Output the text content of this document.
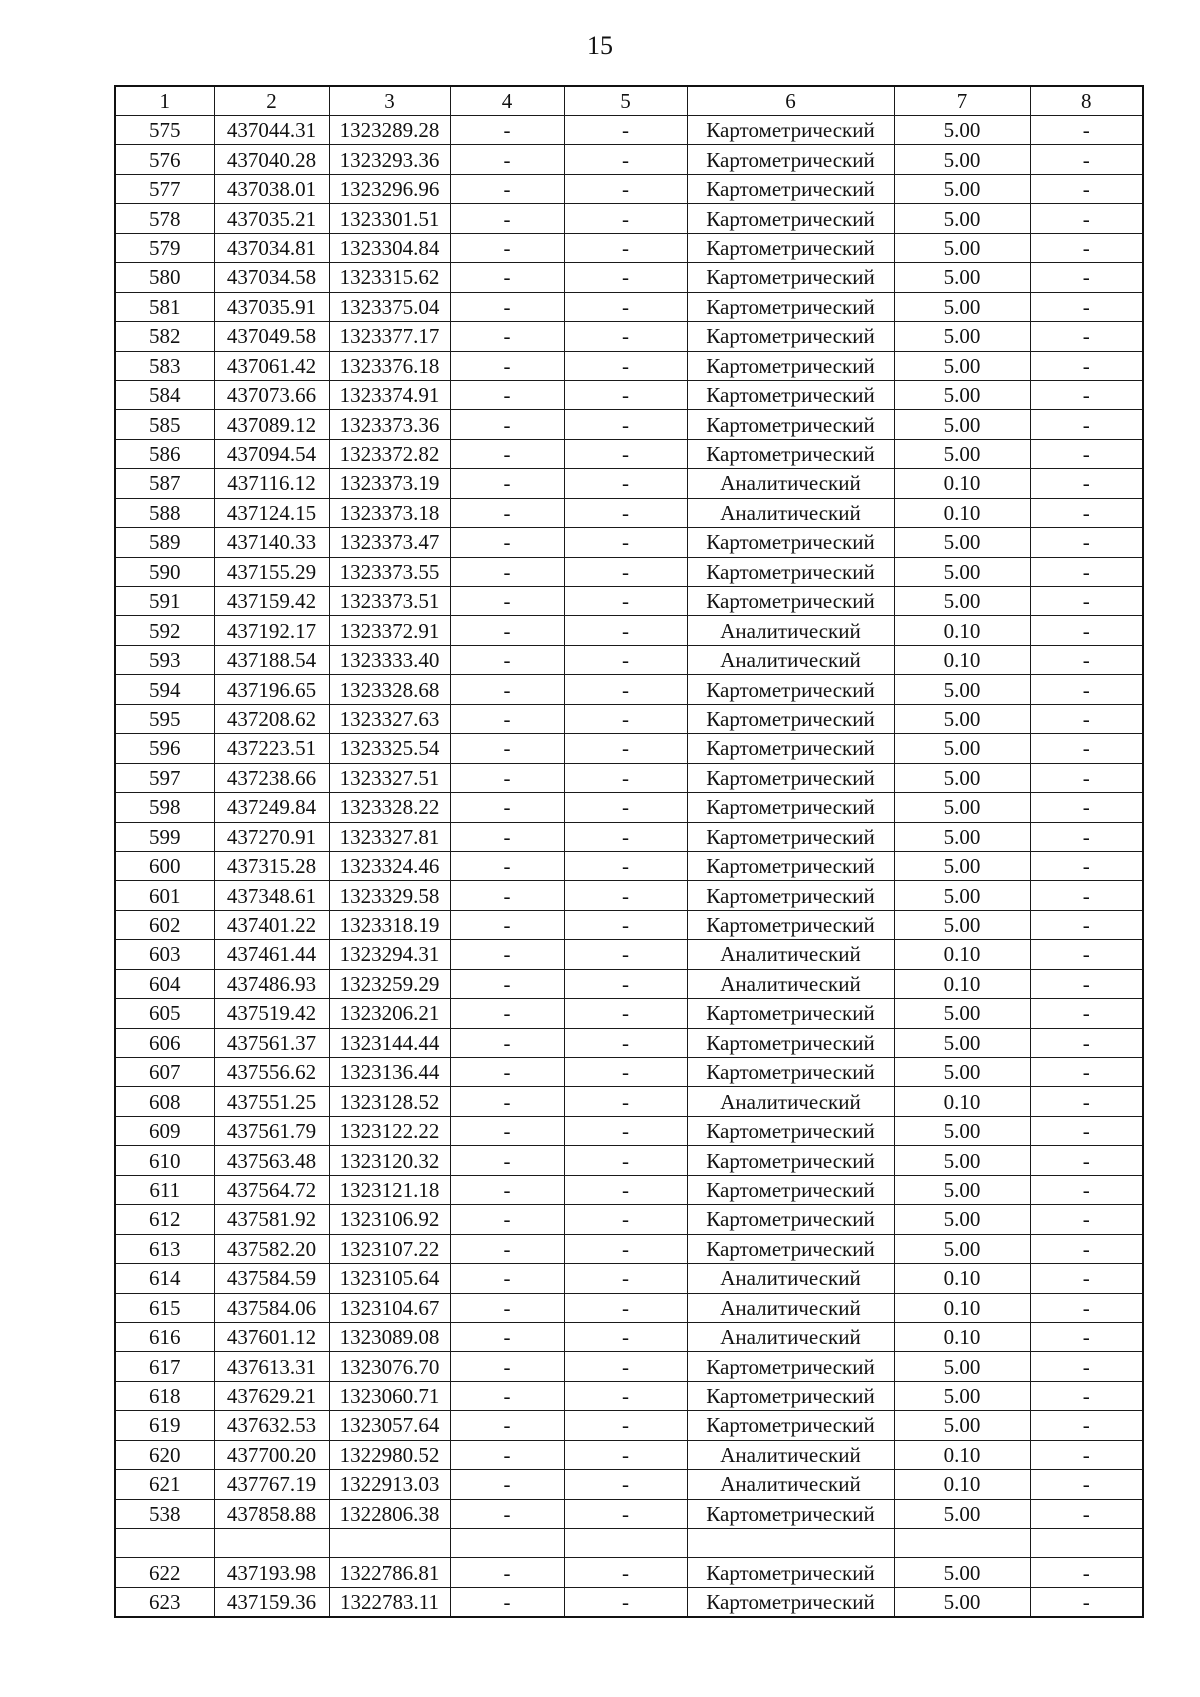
15
1	2	3	4	5	6	7	8
575	437044.31	1323289.28	-	-	Картометрический	5.00	-
576	437040.28	1323293.36	-	-	Картометрический	5.00	-
577	437038.01	1323296.96	-	-	Картометрический	5.00	-
578	437035.21	1323301.51	-	-	Картометрический	5.00	-
579	437034.81	1323304.84	-	-	Картометрический	5.00	-
580	437034.58	1323315.62	-	-	Картометрический	5.00	-
581	437035.91	1323375.04	-	-	Картометрический	5.00	-
582	437049.58	1323377.17	-	-	Картометрический	5.00	-
583	437061.42	1323376.18	-	-	Картометрический	5.00	-
584	437073.66	1323374.91	-	-	Картометрический	5.00	-
585	437089.12	1323373.36	-	-	Картометрический	5.00	-
586	437094.54	1323372.82	-	-	Картометрический	5.00	-
587	437116.12	1323373.19	-	-	Аналитический	0.10	-
588	437124.15	1323373.18	-	-	Аналитический	0.10	-
589	437140.33	1323373.47	-	-	Картометрический	5.00	-
590	437155.29	1323373.55	-	-	Картометрический	5.00	-
591	437159.42	1323373.51	-	-	Картометрический	5.00	-
592	437192.17	1323372.91	-	-	Аналитический	0.10	-
593	437188.54	1323333.40	-	-	Аналитический	0.10	-
594	437196.65	1323328.68	-	-	Картометрический	5.00	-
595	437208.62	1323327.63	-	-	Картометрический	5.00	-
596	437223.51	1323325.54	-	-	Картометрический	5.00	-
597	437238.66	1323327.51	-	-	Картометрический	5.00	-
598	437249.84	1323328.22	-	-	Картометрический	5.00	-
599	437270.91	1323327.81	-	-	Картометрический	5.00	-
600	437315.28	1323324.46	-	-	Картометрический	5.00	-
601	437348.61	1323329.58	-	-	Картометрический	5.00	-
602	437401.22	1323318.19	-	-	Картометрический	5.00	-
603	437461.44	1323294.31	-	-	Аналитический	0.10	-
604	437486.93	1323259.29	-	-	Аналитический	0.10	-
605	437519.42	1323206.21	-	-	Картометрический	5.00	-
606	437561.37	1323144.44	-	-	Картометрический	5.00	-
607	437556.62	1323136.44	-	-	Картометрический	5.00	-
608	437551.25	1323128.52	-	-	Аналитический	0.10	-
609	437561.79	1323122.22	-	-	Картометрический	5.00	-
610	437563.48	1323120.32	-	-	Картометрический	5.00	-
611	437564.72	1323121.18	-	-	Картометрический	5.00	-
612	437581.92	1323106.92	-	-	Картометрический	5.00	-
613	437582.20	1323107.22	-	-	Картометрический	5.00	-
614	437584.59	1323105.64	-	-	Аналитический	0.10	-
615	437584.06	1323104.67	-	-	Аналитический	0.10	-
616	437601.12	1323089.08	-	-	Аналитический	0.10	-
617	437613.31	1323076.70	-	-	Картометрический	5.00	-
618	437629.21	1323060.71	-	-	Картометрический	5.00	-
619	437632.53	1323057.64	-	-	Картометрический	5.00	-
620	437700.20	1322980.52	-	-	Аналитический	0.10	-
621	437767.19	1322913.03	-	-	Аналитический	0.10	-
538	437858.88	1322806.38	-	-	Картометрический	5.00	-

622	437193.98	1322786.81	-	-	Картометрический	5.00	-
623	437159.36	1322783.11	-	-	Картометрический	5.00	-
